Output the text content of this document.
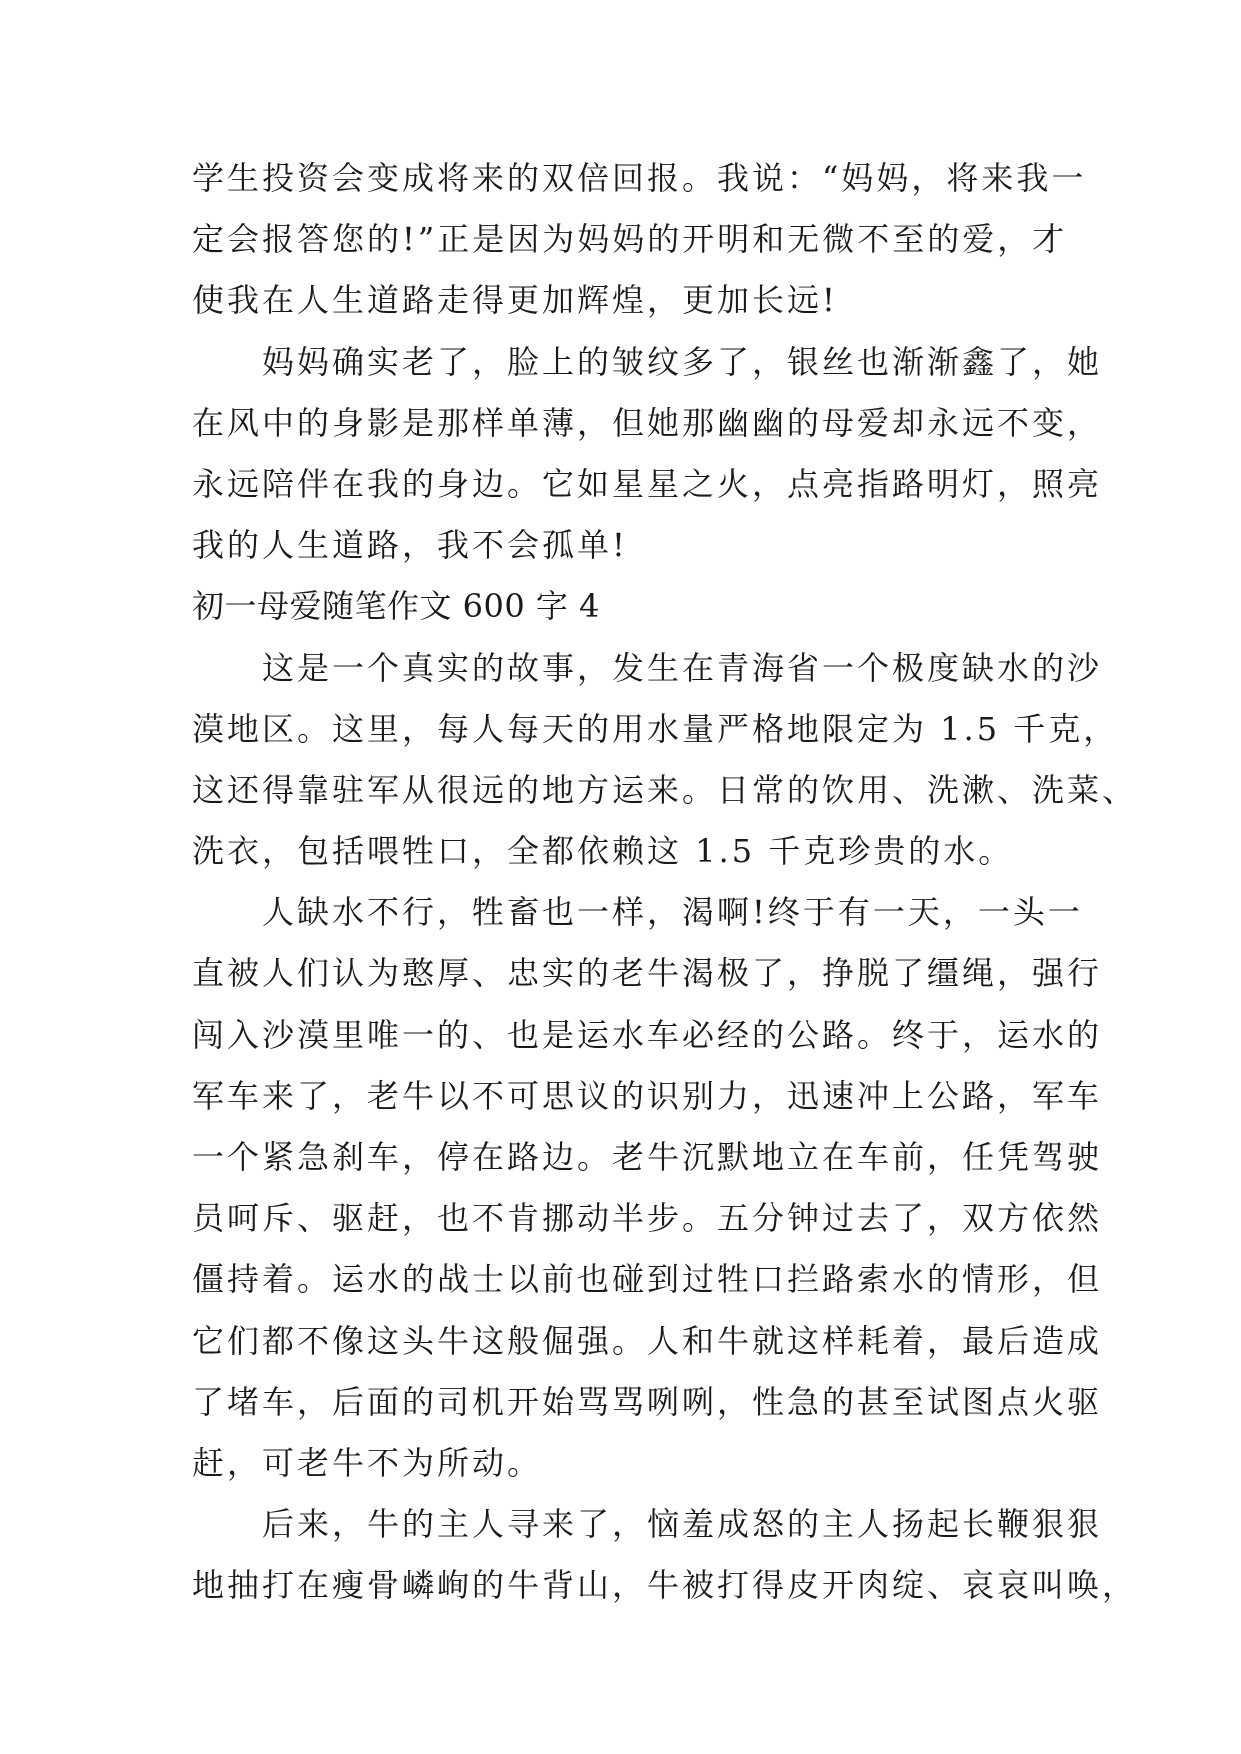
学生投资会变成将来的双倍回报。我说：“妈妈，将来我一
定会报答您的!”正是因为妈妈的开明和无微不至的爱，才
使我在人生道路走得更加辉煌，更加长远!
　　妈妈确实老了，脸上的皱纹多了，银丝也渐渐鑫了，她
在风中的身影是那样单薄，但她那幽幽的母爱却永远不变，
永远陪伴在我的身边。它如星星之火，点亮指路明灯，照亮
我的人生道路，我不会孤单!
初一母爱随笔作文 600 字 4
　　这是一个真实的故事，发生在青海省一个极度缺水的沙
漠地区。这里，每人每天的用水量严格地限定为 1.5 千克，
这还得靠驻军从很远的地方运来。日常的饮用、洗漱、洗菜、
洗衣，包括喂牲口，全都依赖这 1.5 千克珍贵的水。
　　人缺水不行，牲畜也一样，渴啊!终于有一天，一头一
直被人们认为憨厚、忠实的老牛渴极了，挣脱了缰绳，强行
闯入沙漠里唯一的、也是运水车必经的公路。终于，运水的
军车来了，老牛以不可思议的识别力，迅速冲上公路，军车
一个紧急刹车，停在路边。老牛沉默地立在车前，任凭驾驶
员呵斥、驱赶，也不肯挪动半步。五分钟过去了，双方依然
僵持着。运水的战士以前也碰到过牲口拦路索水的情形，但
它们都不像这头牛这般倔强。人和牛就这样耗着，最后造成
了堵车，后面的司机开始骂骂咧咧，性急的甚至试图点火驱
赶，可老牛不为所动。
　　后来，牛的主人寻来了，恼羞成怒的主人扬起长鞭狠狠
地抽打在瘦骨嶙峋的牛背山，牛被打得皮开肉绽、哀哀叫唤，
